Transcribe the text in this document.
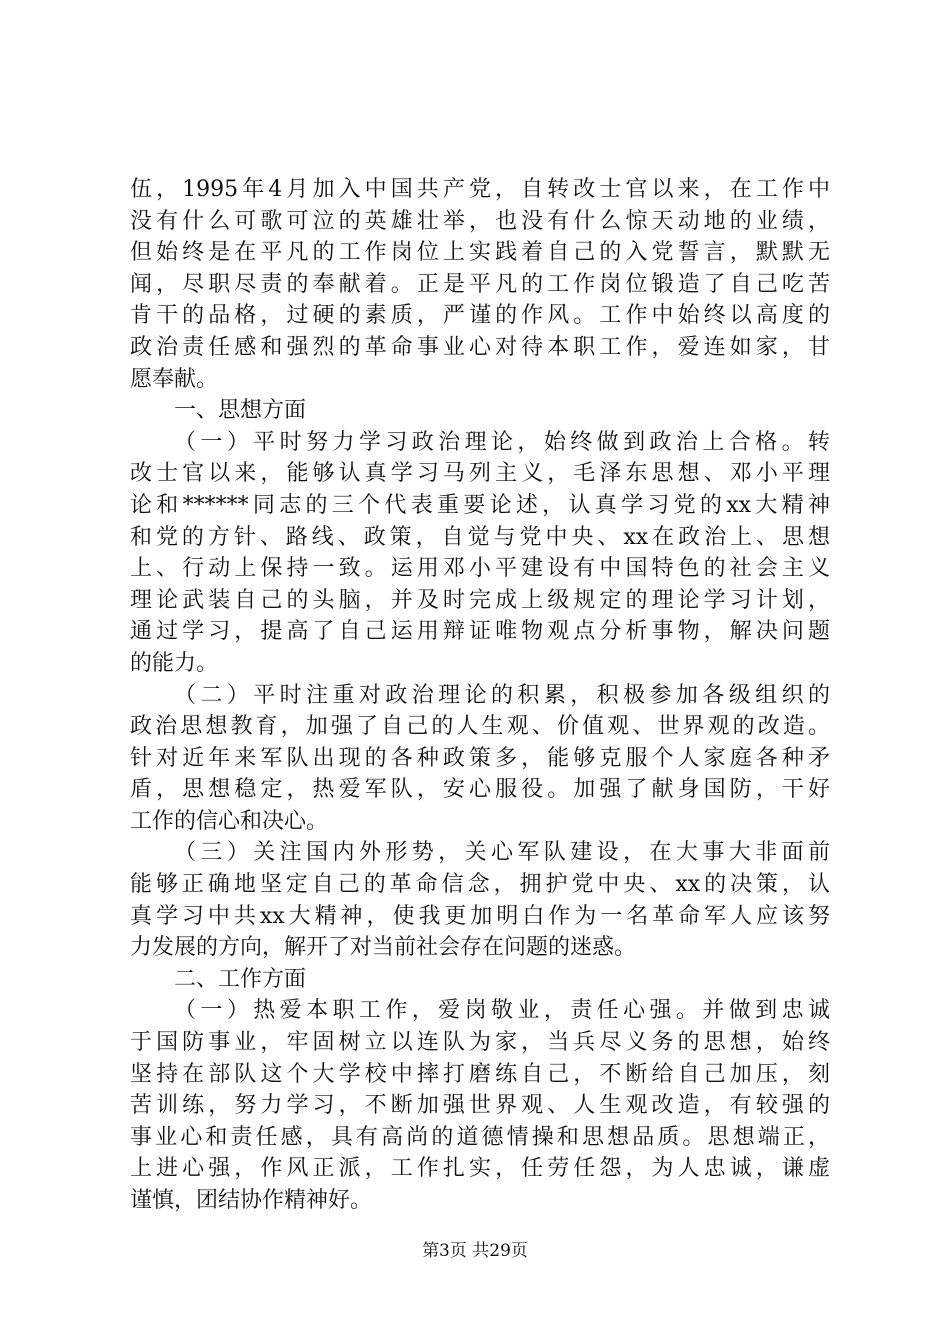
伍，1995年4月加入中国共产党，自转改士官以来，在工作中
没有什么可歌可泣的英雄壮举，也没有什么惊天动地的业绩，
但始终是在平凡的工作岗位上实践着自己的入党誓言，默默无
闻，尽职尽责的奉献着。正是平凡的工作岗位锻造了自己吃苦
肯干的品格，过硬的素质，严谨的作风。工作中始终以高度的
政治责任感和强烈的革命事业心对待本职工作，爱连如家，甘
愿奉献。
一、思想方面
（一）平时努力学习政治理论，始终做到政治上合格。转
改士官以来，能够认真学习马列主义，毛泽东思想、邓小平理
论和******同志的三个代表重要论述，认真学习党的xx大精神
和党的方针、路线、政策，自觉与党中央、xx在政治上、思想
上、行动上保持一致。运用邓小平建设有中国特色的社会主义
理论武装自己的头脑，并及时完成上级规定的理论学习计划，
通过学习，提高了自己运用辩证唯物观点分析事物，解决问题
的能力。
（二）平时注重对政治理论的积累，积极参加各级组织的
政治思想教育，加强了自己的人生观、价值观、世界观的改造。
针对近年来军队出现的各种政策多，能够克服个人家庭各种矛
盾，思想稳定，热爱军队，安心服役。加强了献身国防，干好
工作的信心和决心。
（三）关注国内外形势，关心军队建设，在大事大非面前
能够正确地坚定自己的革命信念，拥护党中央、xx的决策，认
真学习中共xx大精神，使我更加明白作为一名革命军人应该努
力发展的方向，解开了对当前社会存在问题的迷惑。
二、工作方面
（一）热爱本职工作，爱岗敬业，责任心强。并做到忠诚
于国防事业，牢固树立以连队为家，当兵尽义务的思想，始终
坚持在部队这个大学校中摔打磨练自己，不断给自己加压，刻
苦训练，努力学习，不断加强世界观、人生观改造，有较强的
事业心和责任感，具有高尚的道德情操和思想品质。思想端正，
上进心强，作风正派，工作扎实，任劳任怨，为人忠诚，谦虚
谨慎，团结协作精神好。
第3页 共29页
